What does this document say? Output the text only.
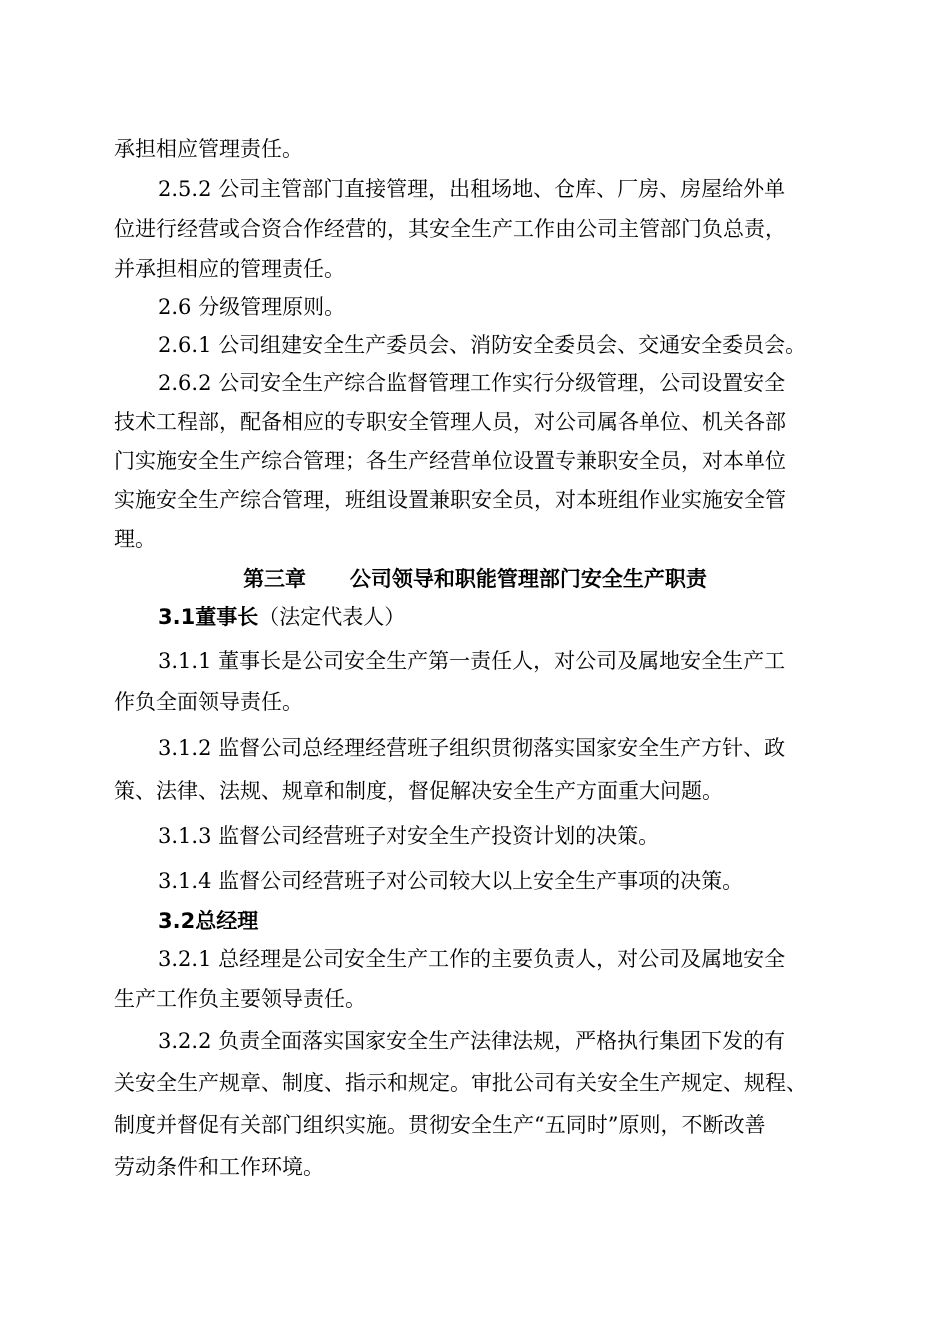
承担相应管理责任。
2.5.2 公司主管部门直接管理，出租场地、仓库、厂房、房屋给外单
位进行经营或合资合作经营的，其安全生产工作由公司主管部门负总责，
并承担相应的管理责任。
2.6 分级管理原则。
2.6.1 公司组建安全生产委员会、消防安全委员会、交通安全委员会。
2.6.2 公司安全生产综合监督管理工作实行分级管理，公司设置安全
技术工程部，配备相应的专职安全管理人员，对公司属各单位、机关各部
门实施安全生产综合管理；各生产经营单位设置专兼职安全员，对本单位
实施安全生产综合管理，班组设置兼职安全员，对本班组作业实施安全管
理。
第三章      公司领导和职能管理部门安全生产职责
3.1董事长（法定代表人）
3.1.1 董事长是公司安全生产第一责任人，对公司及属地安全生产工
作负全面领导责任。
3.1.2 监督公司总经理经营班子组织贯彻落实国家安全生产方针、政
策、法律、法规、规章和制度，督促解决安全生产方面重大问题。
3.1.3 监督公司经营班子对安全生产投资计划的决策。
3.1.4 监督公司经营班子对公司较大以上安全生产事项的决策。
3.2总经理
3.2.1 总经理是公司安全生产工作的主要负责人，对公司及属地安全
生产工作负主要领导责任。
3.2.2 负责全面落实国家安全生产法律法规，严格执行集团下发的有
关安全生产规章、制度、指示和规定。审批公司有关安全生产规定、规程、
制度并督促有关部门组织实施。贯彻安全生产“五同时”原则，不断改善
劳动条件和工作环境。
